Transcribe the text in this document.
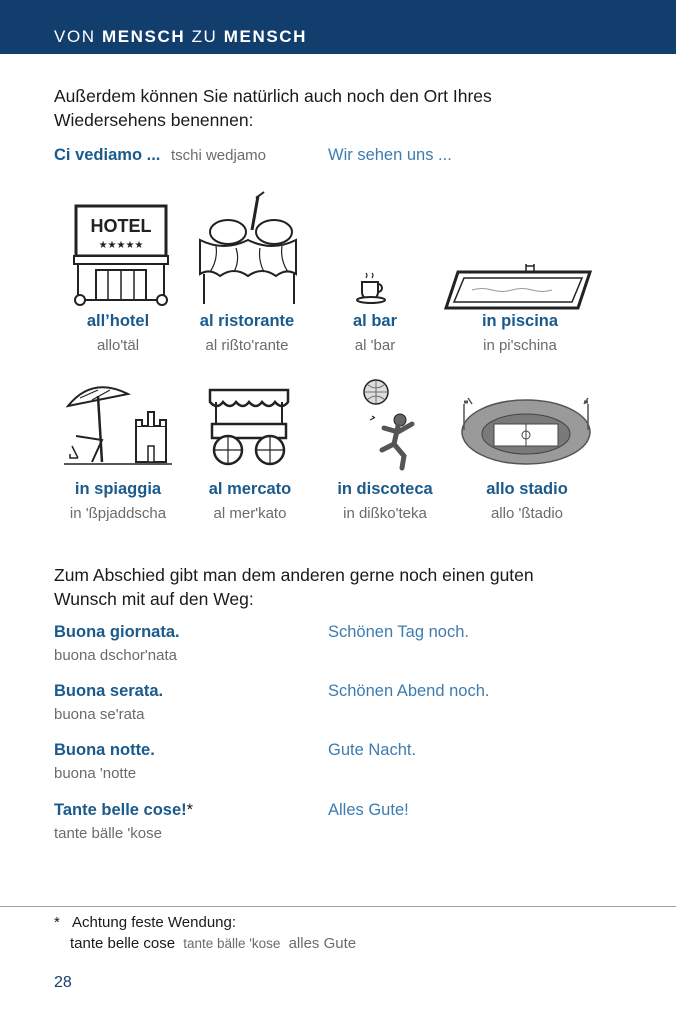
VON MENSCH ZU MENSCH
Außerdem können Sie natürlich auch noch den Ort Ihres Wiedersehens benennen:
Ci vediamo ... tschi wedjamo	Wir sehen uns ...
HOTEL
★★★★★
all’hotel
allo'täl
al ristorante
al rißto'rante
al bar
al 'bar
in piscina
in pi'schina
in spiaggia
in 'ßpjaddscha
al mercato
al mer'kato
in discoteca
in dißko'teka
allo stadio
allo 'ßtadio
Zum Abschied gibt man dem anderen gerne noch einen guten Wunsch mit auf den Weg:
Buona giornata.
buona dschor'nata
Schönen Tag noch.
Buona serata.
buona se'rata
Schönen Abend noch.
Buona notte.
buona 'notte
Gute Nacht.
Tante belle cose!*
tante bälle 'kose
Alles Gute!
* Achtung feste Wendung:
tante belle cose tante bälle 'kose alles Gute
28
